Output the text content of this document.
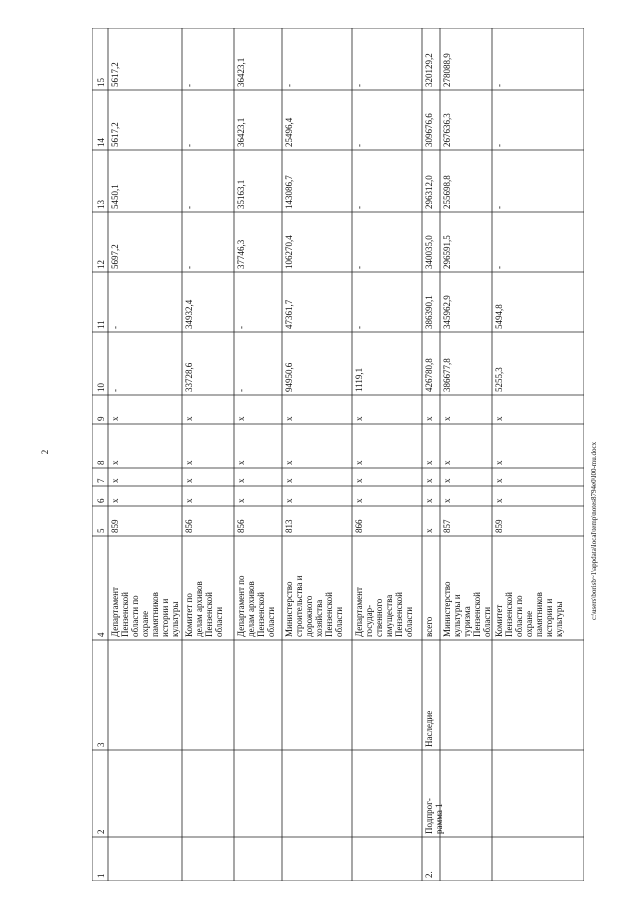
2
1
2
3
4
5
6
7
8
9
10
11
12
13
14
15
Департамент
Пензенской
области по
охране
памятников
истории и
культуры
859
х
х
х
х
-
-
5697,2
5450,1
5617,2
5617,2
Комитет по
делам архивов
Пензенской
области
856
х
х
х
х
33728,6
34932,4
-
-
-
-
Департамент по
делам архивов
Пензенской
области
856
х
х
х
х
-
-
37746,3
35163,1
36423,1
36423,1
Министерство
строительства и
дорожного
хозяйства
Пензенской
области
813
х
х
х
х
94950,6
47361,7
106270,4
143086,7
25496,4
-
Департамент
государ-
ственного
имущества
Пензенской
области
866
х
х
х
х
1119,1
-
-
-
-
-
2.
Подпрог-
рамма 1
Наследие
всего
х
х
х
х
х
426780,8
386390,1
340035,0
296312,0
309676,6
320129,2
Министерство
культуры и
туризма
Пензенской
области
857
х
х
х
х
386677,8
345962,9
296591,5
255698,8
267636,3
278088,9
Комитет
Пензенской
области по
охране
памятников
истории и
культуры
859
х
х
х
х
5255,3
5494,8
-
-
-
-
c:\users\borisb~1\appdata\local\temp\notes8794e0\l00-mu.docx
